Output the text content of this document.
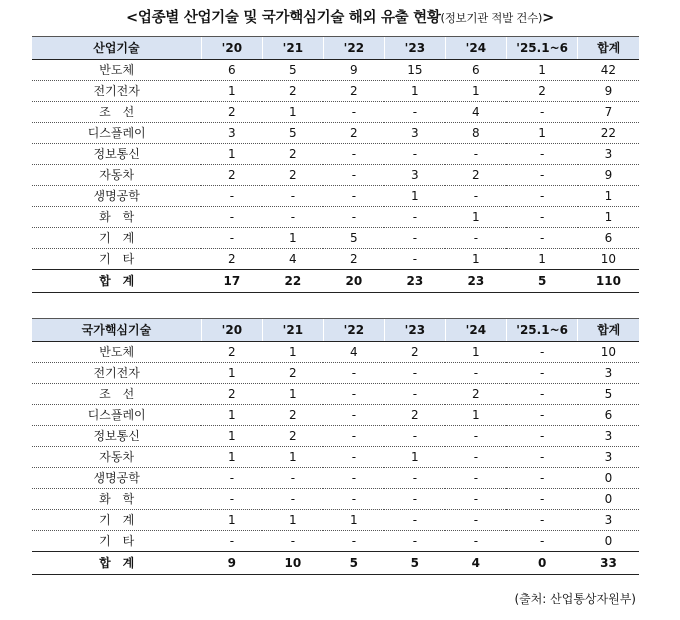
<업종별 산업기술 및 국가핵심기술 해외 유출 현황(정보기관 적발 건수)>
산업기술	'20	'21	'22	'23	'24	'25.1~6	합계
반도체	6	5	9	15	6	1	42
전기전자	1	2	2	1	1	2	9
조　선	2	1	-	-	4	-	7
디스플레이	3	5	2	3	8	1	22
정보통신	1	2	-	-	-	-	3
자동차	2	2	-	3	2	-	9
생명공학	-	-	-	1	-	-	1
화　학	-	-	-	-	1	-	1
기　계	-	1	5	-	-	-	6
기　타	2	4	2	-	1	1	10
합　계	17	22	20	23	23	5	110
국가핵심기술	'20	'21	'22	'23	'24	'25.1~6	합계
반도체	2	1	4	2	1	-	10
전기전자	1	2	-	-	-	-	3
조　선	2	1	-	-	2	-	5
디스플레이	1	2	-	2	1	-	6
정보통신	1	2	-	-	-	-	3
자동차	1	1	-	1	-	-	3
생명공학	-	-	-	-	-	-	0
화　학	-	-	-	-	-	-	0
기　계	1	1	1	-	-	-	3
기　타	-	-	-	-	-	-	0
합　계	9	10	5	5	4	0	33
(출처: 산업통상자원부)
